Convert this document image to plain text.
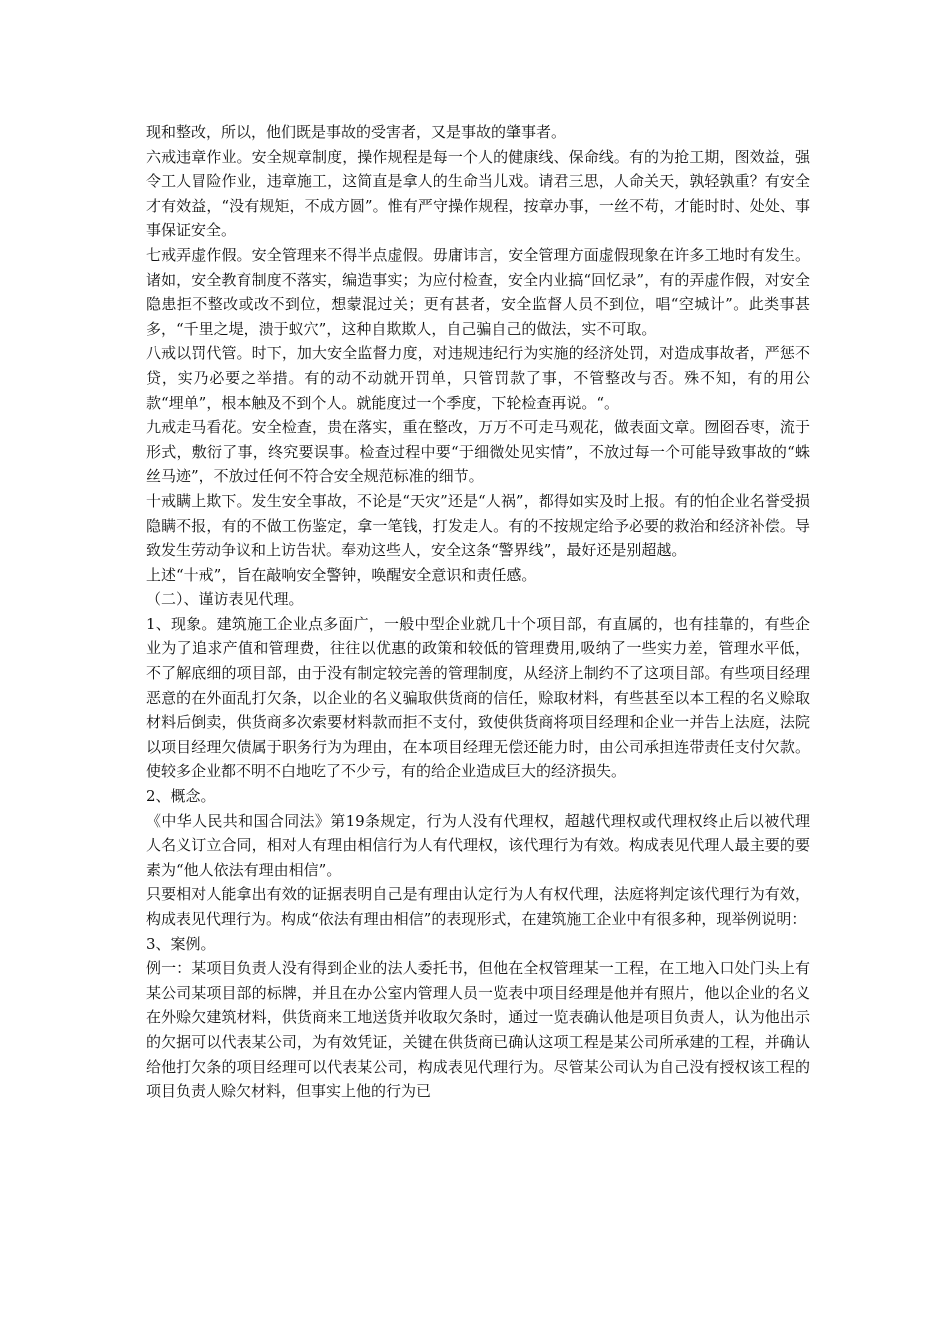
现和整改，所以，他们既是事故的受害者，又是事故的肇事者。

六戒违章作业。安全规章制度，操作规程是每一个人的健康线、保命线。有的为抢工期，图效益，强令工人冒险作业，违章施工，这简直是拿人的生命当儿戏。请君三思，人命关天，孰轻孰重？有安全才有效益，“没有规矩，不成方圆”。惟有严守操作规程，按章办事，一丝不苟，才能时时、处处、事事保证安全。

七戒弄虚作假。安全管理来不得半点虚假。毋庸讳言，安全管理方面虚假现象在许多工地时有发生。诸如，安全教育制度不落实，编造事实；为应付检查，安全内业搞“回忆录”，有的弄虚作假，对安全隐患拒不整改或改不到位，想蒙混过关；更有甚者，安全监督人员不到位，唱“空城计”。此类事甚多，“千里之堤，溃于蚁穴”，这种自欺欺人，自己骗自己的做法，实不可取。

八戒以罚代管。时下，加大安全监督力度，对违规违纪行为实施的经济处罚，对造成事故者，严惩不贷，实乃必要之举措。有的动不动就开罚单，只管罚款了事，不管整改与否。殊不知，有的用公款“埋单”，根本触及不到个人。就能度过一个季度，下轮检查再说。“。

九戒走马看花。安全检查，贵在落实，重在整改，万万不可走马观花，做表面文章。囫囵吞枣，流于形式，敷衍了事，终究要误事。检查过程中要“于细微处见实情”，不放过每一个可能导致事故的“蛛丝马迹”，不放过任何不符合安全规范标准的细节。

十戒瞒上欺下。发生安全事故，不论是“天灾”还是“人祸”，都得如实及时上报。有的怕企业名誉受损隐瞒不报，有的不做工伤鉴定，拿一笔钱，打发走人。有的不按规定给予必要的救治和经济补偿。导致发生劳动争议和上访告状。奉劝这些人，安全这条“警界线”，最好还是别超越。

上述“十戒”，旨在敲响安全警钟，唤醒安全意识和责任感。

（二）、谨访表见代理。

1、现象。建筑施工企业点多面广，一般中型企业就几十个项目部，有直属的，也有挂靠的，有些企业为了追求产值和管理费，往往以优惠的政策和较低的管理费用,吸纳了一些实力差，管理水平低，不了解底细的项目部，由于没有制定较完善的管理制度，从经济上制约不了这项目部。有些项目经理恶意的在外面乱打欠条，以企业的名义骗取供货商的信任，赊取材料，有些甚至以本工程的名义赊取材料后倒卖，供货商多次索要材料款而拒不支付，致使供货商将项目经理和企业一并告上法庭，法院以项目经理欠债属于职务行为为理由，在本项目经理无偿还能力时，由公司承担连带责任支付欠款。使较多企业都不明不白地吃了不少亏，有的给企业造成巨大的经济损失。

2、概念。

《中华人民共和国合同法》第19条规定，行为人没有代理权，超越代理权或代理权终止后以被代理人名义订立合同，相对人有理由相信行为人有代理权，该代理行为有效。构成表见代理人最主要的要素为“他人依法有理由相信”。

只要相对人能拿出有效的证据表明自己是有理由认定行为人有权代理，法庭将判定该代理行为有效，构成表见代理行为。构成“依法有理由相信”的表现形式，在建筑施工企业中有很多种，现举例说明：

3、案例。

例一：某项目负责人没有得到企业的法人委托书，但他在全权管理某一工程，在工地入口处门头上有某公司某项目部的标牌，并且在办公室内管理人员一览表中项目经理是他并有照片，他以企业的名义在外赊欠建筑材料，供货商来工地送货并收取欠条时，通过一览表确认他是项目负责人，认为他出示的欠据可以代表某公司，为有效凭证，关键在供货商已确认这项工程是某公司所承建的工程，并确认给他打欠条的项目经理可以代表某公司，构成表见代理行为。尽管某公司认为自己没有授权该工程的项目负责人赊欠材料，但事实上他的行为已
